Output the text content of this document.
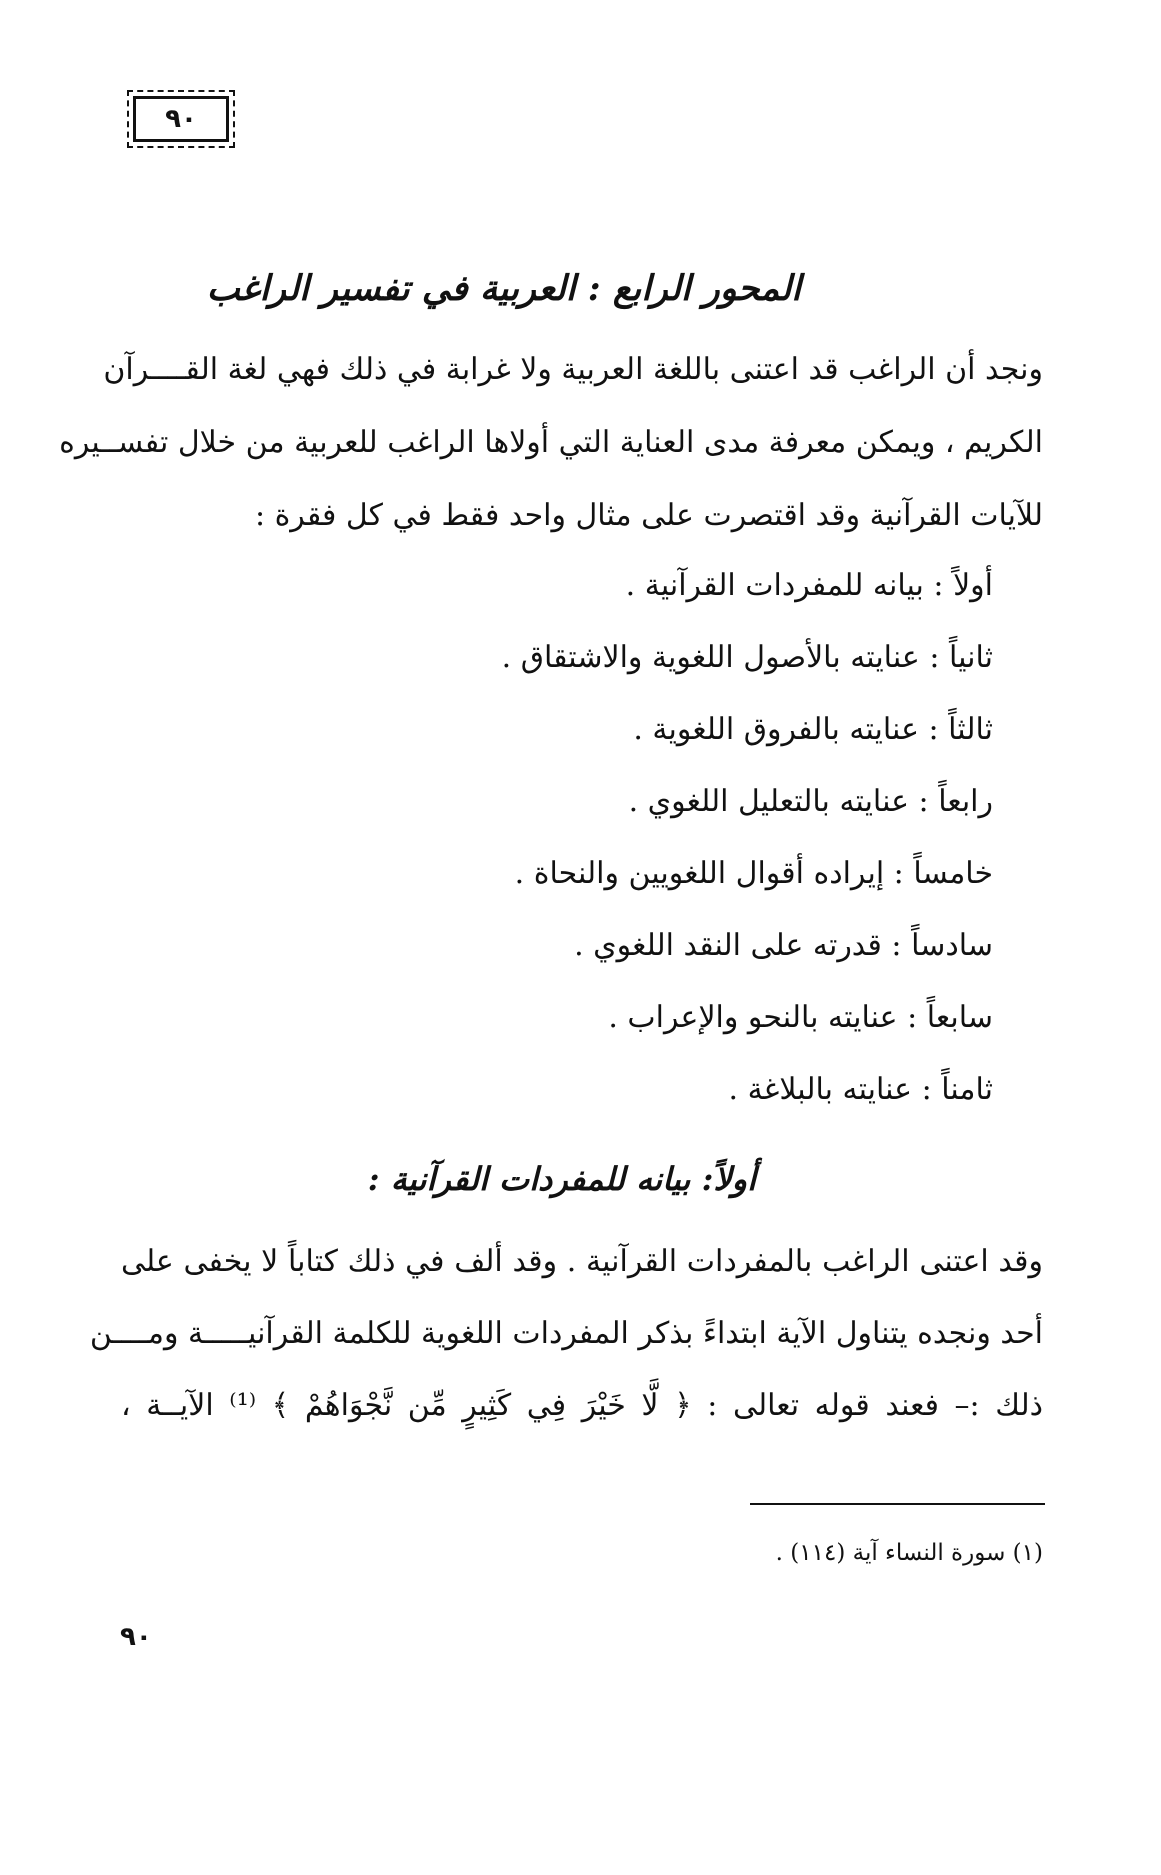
٩٠
المحور الرابع : العربية في تفسير الراغب
ونجد أن الراغب قد اعتنى باللغة العربية ولا غرابة في ذلك فهي لغة القــــرآن
الكريم ، ويمكن معرفة مدى العناية التي أولاها الراغب للعربية من خلال تفســيره
للآيات القرآنية وقد اقتصرت على مثال واحد فقط في كل فقرة :
أولاً : بيانه للمفردات القرآنية .
ثانياً : عنايته بالأصول اللغوية والاشتقاق .
ثالثاً : عنايته بالفروق اللغوية .
رابعاً : عنايته بالتعليل اللغوي .
خامساً : إيراده أقوال اللغويين والنحاة .
سادساً : قدرته على النقد اللغوي .
سابعاً : عنايته بالنحو والإعراب .
ثامناً : عنايته بالبلاغة .
أولاً: بيانه للمفردات القرآنية :
وقد اعتنى الراغب بالمفردات القرآنية . وقد ألف في ذلك كتاباً لا يخفى على
أحد ونجده يتناول الآية ابتداءً بذكر المفردات اللغوية للكلمة القرآنيـــــة ومــــن
ذلك :– فعند قوله تعالى : ﴿ لَّا خَيْرَ فِي كَثِيرٍ مِّن نَّجْوَاهُمْ ﴾ ⁽¹⁾ الآيــة ،
(١) سورة النساء آية (١١٤) .
٩٠
